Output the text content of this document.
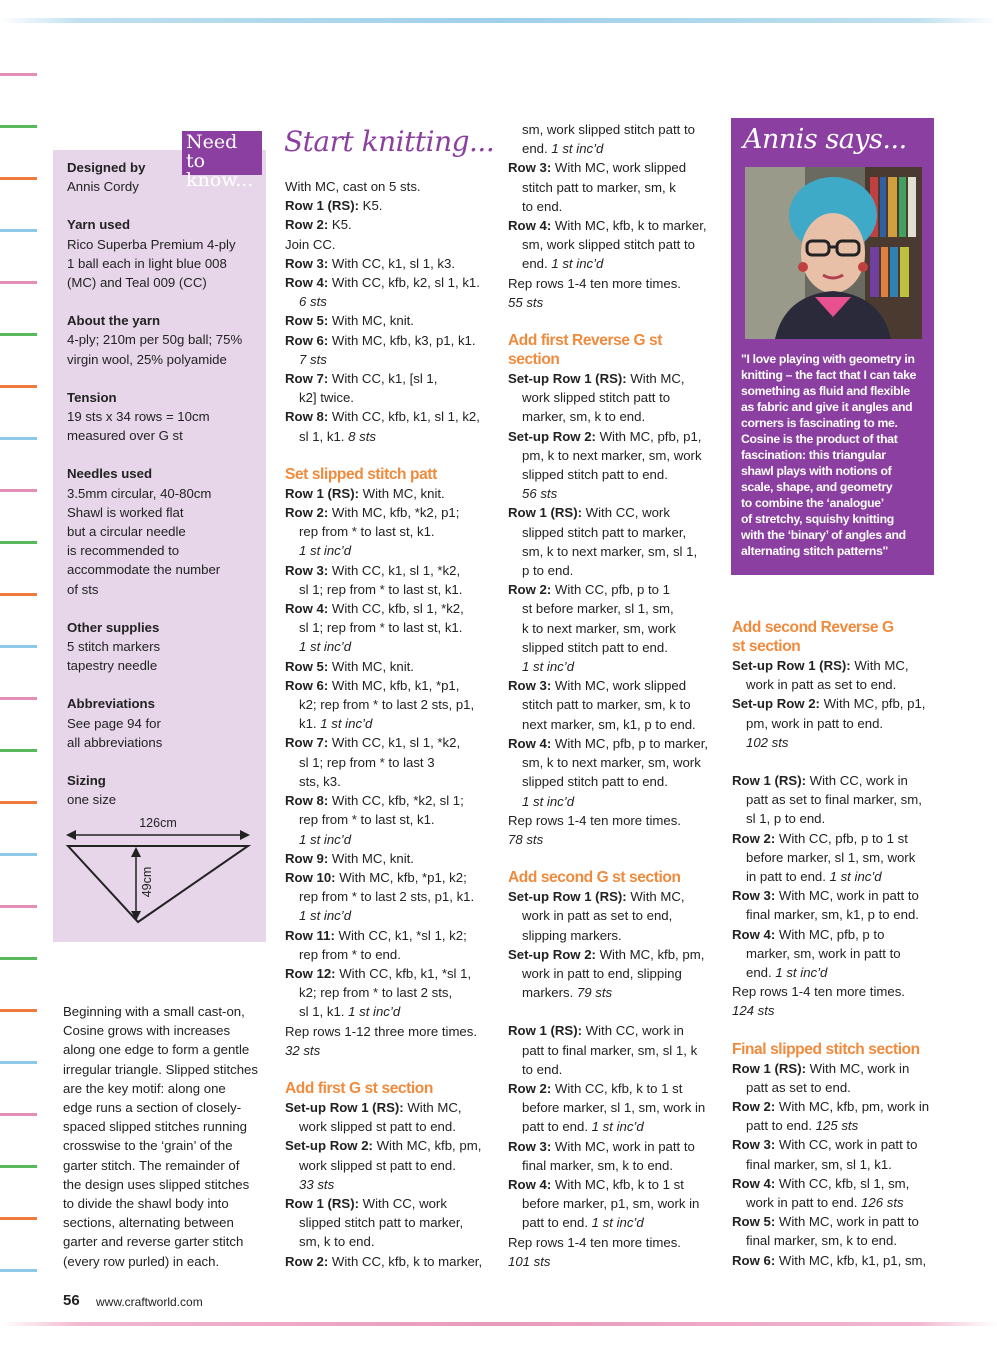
Need to
know...

Designed by

Annis Cordy

Yarn used

Rico Superba Premium 4-ply

1 ball each in light blue 008

(MC) and Teal 009 (CC)

About the yarn

4-ply; 210m per 50g ball; 75%

virgin wool, 25% polyamide

Tension

19 sts x 34 rows = 10cm

measured over G st

Needles used

3.5mm circular, 40-80cm

Shawl is worked flat

but a circular needle

is recommended to

accommodate the number

of sts

Other supplies

5 stitch markers

tapestry needle

Abbreviations

See page 94 for

all abbreviations

Sizing

one size

126cm
49cm
Beginning with a small cast-on,
Cosine grows with increases
along one edge to form a gentle
irregular triangle. Slipped stitches
are the key motif: along one
edge runs a section of closely-
spaced slipped stitches running
crosswise to the ‘grain’ of the
garter stitch. The remainder of
the design uses slipped stitches
to divide the shawl body into
sections, alternating between
garter and reverse garter stitch
(every row purled) in each.
Start knitting...

With MC, cast on 5 sts.

Row 1 (RS): K5.

Row 2: K5.

Join CC.

Row 3: With CC, k1, sl 1, k3.

Row 4: With CC, kfb, k2, sl 1, k1.

6 sts

Row 5: With MC, knit.

Row 6: With MC, kfb, k3, p1, k1.

7 sts

Row 7: With CC, k1, [sl 1,

k2] twice.

Row 8: With CC, kfb, k1, sl 1, k2,

sl 1, k1. 8 sts

Set slipped stitch patt

Row 1 (RS): With MC, knit.

Row 2: With MC, kfb, *k2, p1;

rep from * to last st, k1.

1 st inc’d

Row 3: With CC, k1, sl 1, *k2,

sl 1; rep from * to last st, k1.

Row 4: With CC, kfb, sl 1, *k2,

sl 1; rep from * to last st, k1.

1 st inc’d

Row 5: With MC, knit.

Row 6: With MC, kfb, k1, *p1,

k2; rep from * to last 2 sts, p1,

k1. 1 st inc’d

Row 7: With CC, k1, sl 1, *k2,

sl 1; rep from * to last 3

sts, k3.

Row 8: With CC, kfb, *k2, sl 1;

rep from * to last st, k1.

1 st inc’d

Row 9: With MC, knit.

Row 10: With MC, kfb, *p1, k2;

rep from * to last 2 sts, p1, k1.

1 st inc’d

Row 11: With CC, k1, *sl 1, k2;

rep from * to end.

Row 12: With CC, kfb, k1, *sl 1,

k2; rep from * to last 2 sts,

sl 1, k1. 1 st inc’d

Rep rows 1-12 three more times.

32 sts

Add first G st section

Set-up Row 1 (RS): With MC,

work slipped st patt to end.

Set-up Row 2: With MC, kfb, pm,

work slipped st patt to end.

33 sts

Row 1 (RS): With CC, work

slipped stitch patt to marker,

sm, k to end.

Row 2: With CC, kfb, k to marker,

sm, work slipped stitch patt to

end. 1 st inc’d

Row 3: With MC, work slipped

stitch patt to marker, sm, k

to end.

Row 4: With MC, kfb, k to marker,

sm, work slipped stitch patt to

end. 1 st inc’d

Rep rows 1-4 ten more times.

55 sts

Add first Reverse G st

section

Set-up Row 1 (RS): With MC,

work slipped stitch patt to

marker, sm, k to end.

Set-up Row 2: With MC, pfb, p1,

pm, k to next marker, sm, work

slipped stitch patt to end.

56 sts

Row 1 (RS): With CC, work

slipped stitch patt to marker,

sm, k to next marker, sm, sl 1,

p to end.

Row 2: With CC, pfb, p to 1

st before marker, sl 1, sm,

k to next marker, sm, work

slipped stitch patt to end.

1 st inc’d

Row 3: With MC, work slipped

stitch patt to marker, sm, k to

next marker, sm, k1, p to end.

Row 4: With MC, pfb, p to marker,

sm, k to next marker, sm, work

slipped stitch patt to end.

1 st inc’d

Rep rows 1-4 ten more times.

78 sts

Add second G st section

Set-up Row 1 (RS): With MC,

work in patt as set to end,

slipping markers.

Set-up Row 2: With MC, kfb, pm,

work in patt to end, slipping

markers. 79 sts

Row 1 (RS): With CC, work in

patt to final marker, sm, sl 1, k

to end.

Row 2: With CC, kfb, k to 1 st

before marker, sl 1, sm, work in

patt to end. 1 st inc’d

Row 3: With MC, work in patt to

final marker, sm, k to end.

Row 4: With MC, kfb, k to 1 st

before marker, p1, sm, work in

patt to end. 1 st inc’d

Rep rows 1-4 ten more times.

101 sts

Annis says...
"I love playing with geometry in
knitting – the fact that I can take
something as fluid and flexible
as fabric and give it angles and
corners is fascinating to me.
Cosine is the product of that
fascination: this triangular
shawl plays with notions of
scale, shape, and geometry
to combine the ‘analogue’
of stretchy, squishy knitting
with the ‘binary’ of angles and
alternating stitch patterns"

Add second Reverse G

st section

Set-up Row 1 (RS): With MC,

work in patt as set to end.

Set-up Row 2: With MC, pfb, p1,

pm, work in patt to end.

102 sts

Row 1 (RS): With CC, work in

patt as set to final marker, sm,

sl 1, p to end.

Row 2: With CC, pfb, p to 1 st

before marker, sl 1, sm, work

in patt to end. 1 st inc’d

Row 3: With MC, work in patt to

final marker, sm, k1, p to end.

Row 4: With MC, pfb, p to

marker, sm, work in patt to

end. 1 st inc’d

Rep rows 1-4 ten more times.

124 sts

Final slipped stitch section

Row 1 (RS): With MC, work in

patt as set to end.

Row 2: With MC, kfb, pm, work in

patt to end. 125 sts

Row 3: With CC, work in patt to

final marker, sm, sl 1, k1.

Row 4: With CC, kfb, sl 1, sm,

work in patt to end. 126 sts

Row 5: With MC, work in patt to

final marker, sm, k to end.

Row 6: With MC, kfb, k1, p1, sm,

56 www.craftworld.com
